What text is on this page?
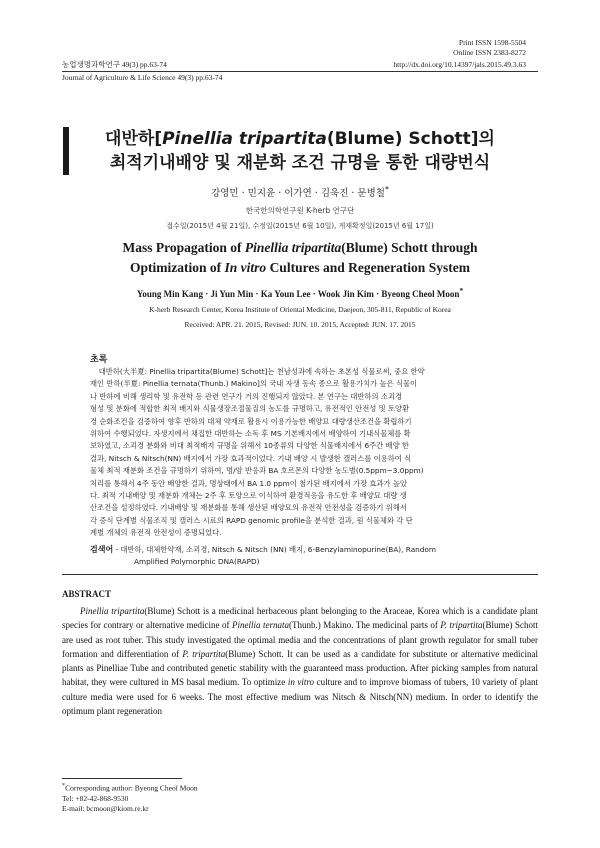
Print ISSN 1598-5504
Online ISSN 2383-8272
농업생명과학연구 49(3) pp.63-74	http://dx.doi.org/10.14397/jals.2015.49.3.63
Journal of Agriculture & Life Science 49(3) pp.63-74
대반하[Pinellia tripartita(Blume) Schott]의
최적기내배양 및 재분화 조건 규명을 통한 대량번식
강영민 · 민지윤 · 이가연 · 김욱진 · 문병철*
한국한의학연구원 K-herb 연구단
접수일(2015년 4월 21일), 수정일(2015년 6월 10일), 게재확정일(2015년 6월 17일)
Mass Propagation of Pinellia tripartita(Blume) Schott through
Optimization of In vitro Cultures and Regeneration System
Young Min Kang · Ji Yun Min · Ka Youn Lee · Wook Jin Kim · Byeong Cheol Moon*
K-herb Research Center, Korea Institute of Oriental Medicine, Daejeon, 305-811, Republic of Korea
Received: APR. 21. 2015, Revised: JUN. 10. 2015, Accepted: JUN. 17. 2015
초록
대반하(大半夏: Pinellia tripartita(Blume) Schott]는 천남성과에 속하는 초본성 식물로써, 중요 한약
재인 반하(半夏: Pinellia ternata(Thunb.) Makino]의 국내 자생 동속 종으로 활용가치가 높은 식물이
나 반하에 비해 생리학 및 유전학 등 관련 연구가 거의 진행되지 않았다. 본 연구는 대반하의 소괴경
형성 및 분화에 적합한 최적 배지와 식물생장조절물질의 농도를 규명하고, 유전적인 안전성 및 토양환
경 순화조건을 검증하여 향후 반하의 대체 약재로 활용시 이용가능한 배양묘 대량생산조건을 확립하기
위하여 수행되었다. 자생지에서 채집한 대반하는 소독 후 MS 기본배지에서 배양하여 기내식물체를 확
보하였고, 소괴경 분화와 비대 최적배지 규명을 위해서 10종류의 다양한 식물배지에서 6주간 배양 한
결과, Nitsch & Nitsch(NN) 배지에서 가장 효과적이었다. 기내 배양 시 발생한 캘러스를 이용하여 식
물체 최적 재분화 조건을 규명하기 위하여, 명/암 반응과 BA 호르몬의 다양한 농도별(0.5ppm~3.0ppm)
처리를 통해서 4주 동안 배양한 결과, 명상태에서 BA 1.0 ppm이 첨가된 배지에서 가장 효과가 높았
다. 최적 기내배양 및 재분화 개체는 2주 후 토양으로 이식하여 환경적응을 유도한 후 배양묘 대량 생
산조건을 설정하였다. 기내배양 및 재분화를 통해 생산된 배양묘의 유전적 안전성을 검증하기 위해서
각 증식 단계별 식물조직 및 캘러스 시료의 RAPD genomic profile을 분석한 결과, 원 식물체와 각 단
계별 개체의 유전적 안전성이 증명되었다.
검색어 - 대반하, 대체한약재, 소괴경, Nitsch & Nitsch (NN) 배지, 6-Benzylaminopurine(BA), Random
Amplified Polymorphic DNA(RAPD)
ABSTRACT

Pinellia tripartita(Blume) Schott is a medicinal herbaceous plant belonging to the Araceae, Korea which is a candidate plant species for contrary or alternative medicine of Pinellia ternata(Thunb.) Makino. The medicinal parts of P. tripartita(Blume) Schott are used as root tuber. This study investigated the optimal media and the concentrations of plant growth regulator for small tuber formation and differentiation of P. tripartita(Blume) Schott. It can be used as a candidate for substitute or alternative medicinal plants as Pinelliae Tube and contributed genetic stability with the guaranteed mass production. After picking samples from natural habitat, they were cultured in MS basal medium. To optimize in vitro culture and to improve biomass of tubers, 10 variety of plant culture media were used for 6 weeks. The most effective medium was Nitsch & Nitsch(NN) medium. In order to identify the optimum plant regeneration

*Corresponding author: Byeong Cheol Moon
Tel: +82-42-868-9530
E-mail: bcmoon@kiom.re.kr
